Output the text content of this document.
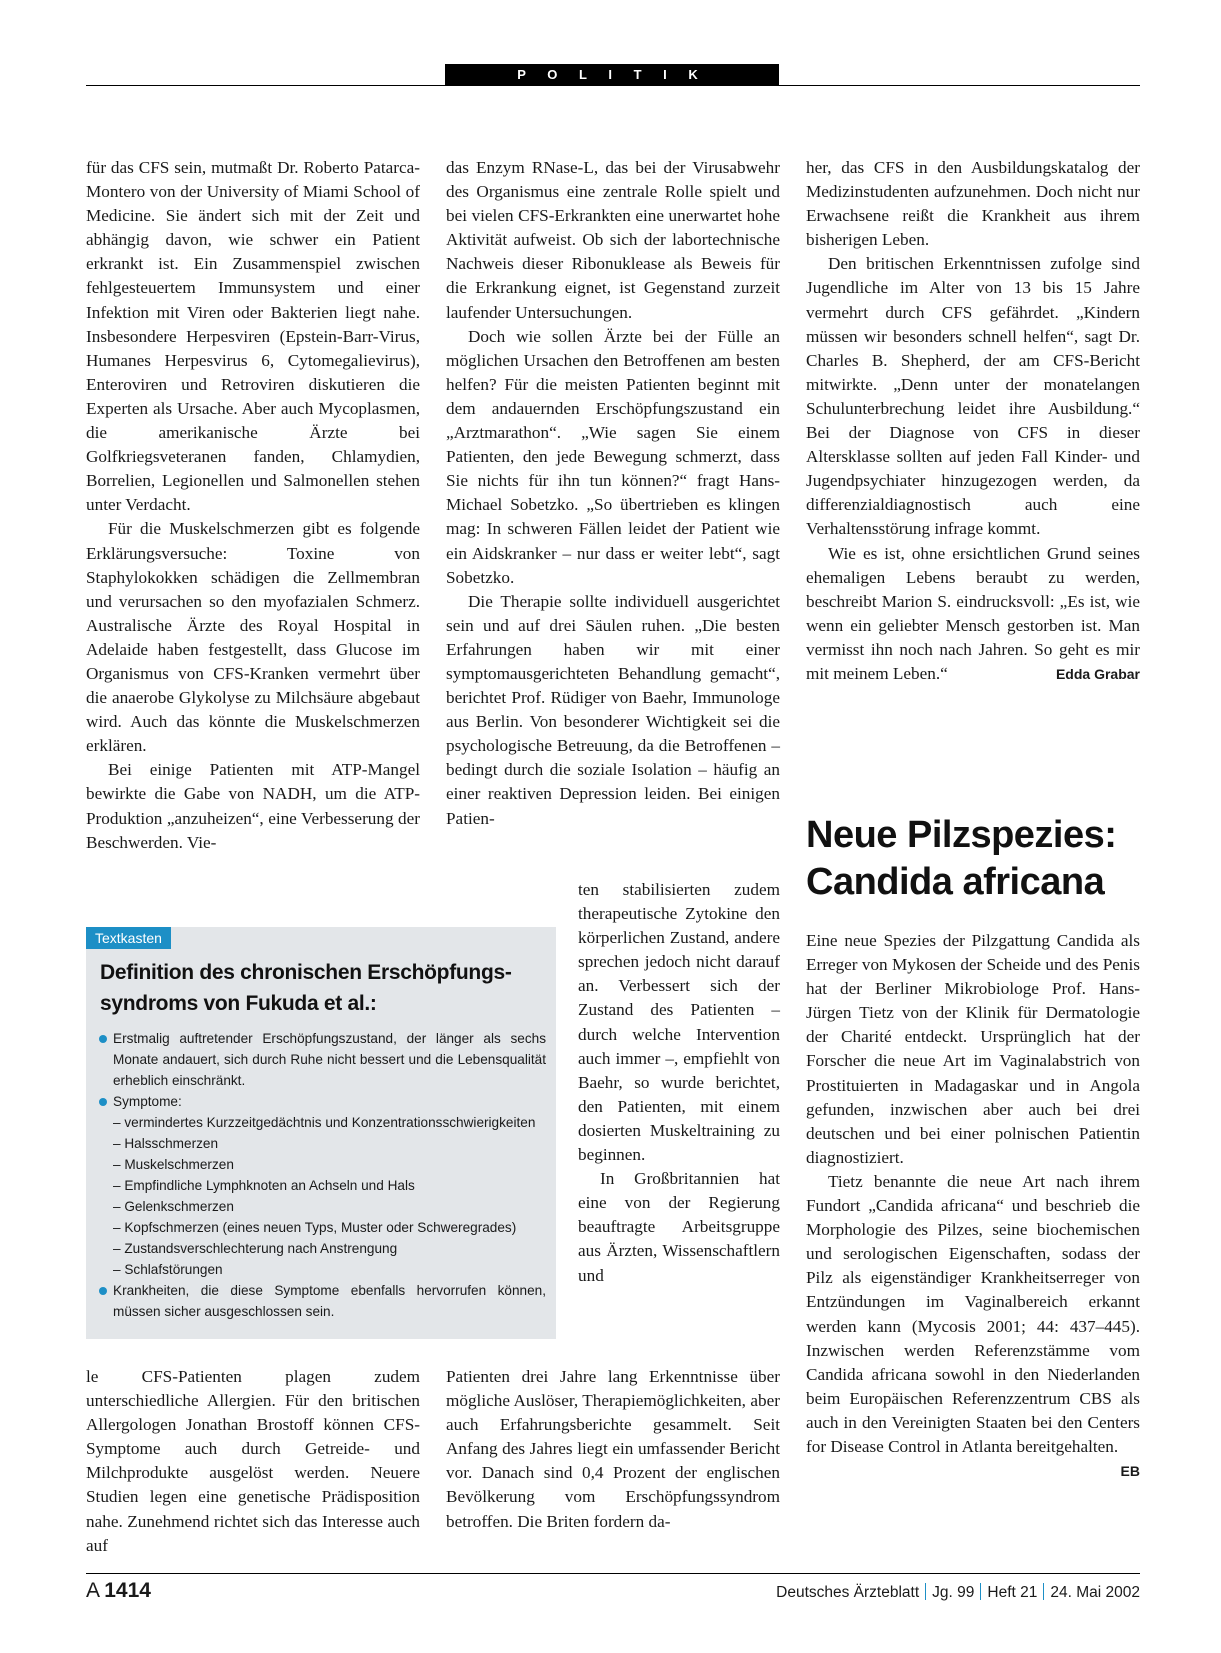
P O L I T I K

für das CFS sein, mutmaßt Dr. Roberto Patarca-Montero von der University of Miami School of Medicine. Sie ändert sich mit der Zeit und abhängig davon, wie schwer ein Patient erkrankt ist. Ein Zusammenspiel zwischen fehlgesteuertem Immunsystem und einer Infektion mit Viren oder Bakterien liegt nahe. Insbesondere Herpesviren (Epstein-Barr-Virus, Humanes Herpesvirus 6, Cytomegalievirus), Enteroviren und Retroviren diskutieren die Experten als Ursache. Aber auch Mycoplasmen, die amerikanische Ärzte bei Golfkriegsveteranen fanden, Chlamydien, Borrelien, Legionellen und Salmonellen stehen unter Verdacht.

Für die Muskelschmerzen gibt es folgende Erklärungsversuche: Toxine von Staphylokokken schädigen die Zellmembran und verursachen so den myofazialen Schmerz. Australische Ärzte des Royal Hospital in Adelaide haben festgestellt, dass Glucose im Organismus von CFS-Kranken vermehrt über die anaerobe Glykolyse zu Milchsäure abgebaut wird. Auch das könnte die Muskelschmerzen erklären.

Bei einige Patienten mit ATP-Mangel bewirkte die Gabe von NADH, um die ATP-Produktion „anzuheizen“, eine Verbesserung der Beschwerden. Vie-

le CFS-Patienten plagen zudem unterschiedliche Allergien. Für den britischen Allergologen Jonathan Brostoff können CFS-Symptome auch durch Getreide- und Milchprodukte ausgelöst werden. Neuere Studien legen eine genetische Prädisposition nahe. Zunehmend richtet sich das Interesse auch auf

das Enzym RNase-L, das bei der Virusabwehr des Organismus eine zentrale Rolle spielt und bei vielen CFS-Erkrankten eine unerwartet hohe Aktivität aufweist. Ob sich der labortechnische Nachweis dieser Ribonuklease als Beweis für die Erkrankung eignet, ist Gegenstand zurzeit laufender Untersuchungen.

Doch wie sollen Ärzte bei der Fülle an möglichen Ursachen den Betroffenen am besten helfen? Für die meisten Patienten beginnt mit dem andauernden Erschöpfungszustand ein „Arztmarathon“. „Wie sagen Sie einem Patienten, den jede Bewegung schmerzt, dass Sie nichts für ihn tun können?“ fragt Hans-Michael Sobetzko. „So übertrieben es klingen mag: In schweren Fällen leidet der Patient wie ein Aidskranker – nur dass er weiter lebt“, sagt Sobetzko.

Die Therapie sollte individuell ausgerichtet sein und auf drei Säulen ruhen. „Die besten Erfahrungen haben wir mit einer symptomausgerichteten Behandlung gemacht“, berichtet Prof. Rüdiger von Baehr, Immunologe aus Berlin. Von besonderer Wichtigkeit sei die psychologische Betreuung, da die Betroffenen – bedingt durch die soziale Isolation – häufig an einer reaktiven Depression leiden. Bei einigen Patien-

ten stabilisierten zudem therapeutische Zytokine den körperlichen Zustand, andere sprechen jedoch nicht darauf an. Verbessert sich der Zustand des Patienten – durch welche Intervention auch immer –, empfiehlt von Baehr, so wurde berichtet, den Patienten, mit einem dosierten Muskeltraining zu beginnen.

In Großbritannien hat eine von der Regierung beauftragte Arbeitsgruppe aus Ärzten, Wissenschaftlern und

Patienten drei Jahre lang Erkenntnisse über mögliche Auslöser, Therapiemöglichkeiten, aber auch Erfahrungsberichte gesammelt. Seit Anfang des Jahres liegt ein umfassender Bericht vor. Danach sind 0,4 Prozent der englischen Bevölkerung vom Erschöpfungssyndrom betroffen. Die Briten fordern da-

her, das CFS in den Ausbildungskatalog der Medizinstudenten aufzunehmen. Doch nicht nur Erwachsene reißt die Krankheit aus ihrem bisherigen Leben.

Den britischen Erkenntnissen zufolge sind Jugendliche im Alter von 13 bis 15 Jahre vermehrt durch CFS gefährdet. „Kindern müssen wir besonders schnell helfen“, sagt Dr. Charles B. Shepherd, der am CFS-Bericht mitwirkte. „Denn unter der monatelangen Schulunterbrechung leidet ihre Ausbildung.“ Bei der Diagnose von CFS in dieser Altersklasse sollten auf jeden Fall Kinder- und Jugendpsychiater hinzugezogen werden, da differenzialdiagnostisch auch eine Verhaltensstörung infrage kommt.

Wie es ist, ohne ersichtlichen Grund seines ehemaligen Lebens beraubt zu werden, beschreibt Marion S. eindrucksvoll: „Es ist, wie wenn ein geliebter Mensch gestorben ist. Man vermisst ihn noch nach Jahren. So geht es mir mit meinem Leben.“	Edda Grabar

Neue Pilzspezies:
Candida africana

Eine neue Spezies der Pilzgattung Candida als Erreger von Mykosen der Scheide und des Penis hat der Berliner Mikrobiologe Prof. Hans-Jürgen Tietz von der Klinik für Dermatologie der Charité entdeckt. Ursprünglich hat der Forscher die neue Art im Vaginalabstrich von Prostituierten in Madagaskar und in Angola gefunden, inzwischen aber auch bei drei deutschen und bei einer polnischen Patientin diagnostiziert.

Tietz benannte die neue Art nach ihrem Fundort „Candida africana“ und beschrieb die Morphologie des Pilzes, seine biochemischen und serologischen Eigenschaften, sodass der Pilz als eigenständiger Krankheitserreger von Entzündungen im Vaginalbereich erkannt werden kann (Mycosis 2001; 44: 437–445). Inzwischen werden Referenzstämme vom Candida africana sowohl in den Niederlanden beim Europäischen Referenzzentrum CBS als auch in den Vereinigten Staaten bei den Centers for Disease Control in Atlanta bereitgehalten.
EB

Textkasten
Definition des chronischen Erschöpfungs-
syndroms von Fukuda et al.:
Erstmalig auftretender Erschöpfungszustand, der länger als sechs Monate andauert, sich durch Ruhe nicht bessert und die Lebensqualität erheblich einschränkt.
Symptome:
– vermindertes Kurzzeitgedächtnis und Konzentrationsschwierigkeiten
– Halsschmerzen
– Muskelschmerzen
– Empfindliche Lymphknoten an Achseln und Hals
– Gelenkschmerzen
– Kopfschmerzen (eines neuen Typs, Muster oder Schweregrades)
– Zustandsverschlechterung nach Anstrengung
– Schlafstörungen
Krankheiten, die diese Symptome ebenfalls hervorrufen können, müssen sicher ausgeschlossen sein.
A  1414	Deutsches Ärzteblatt Jg. 99 Heft 21 24. Mai 2002
